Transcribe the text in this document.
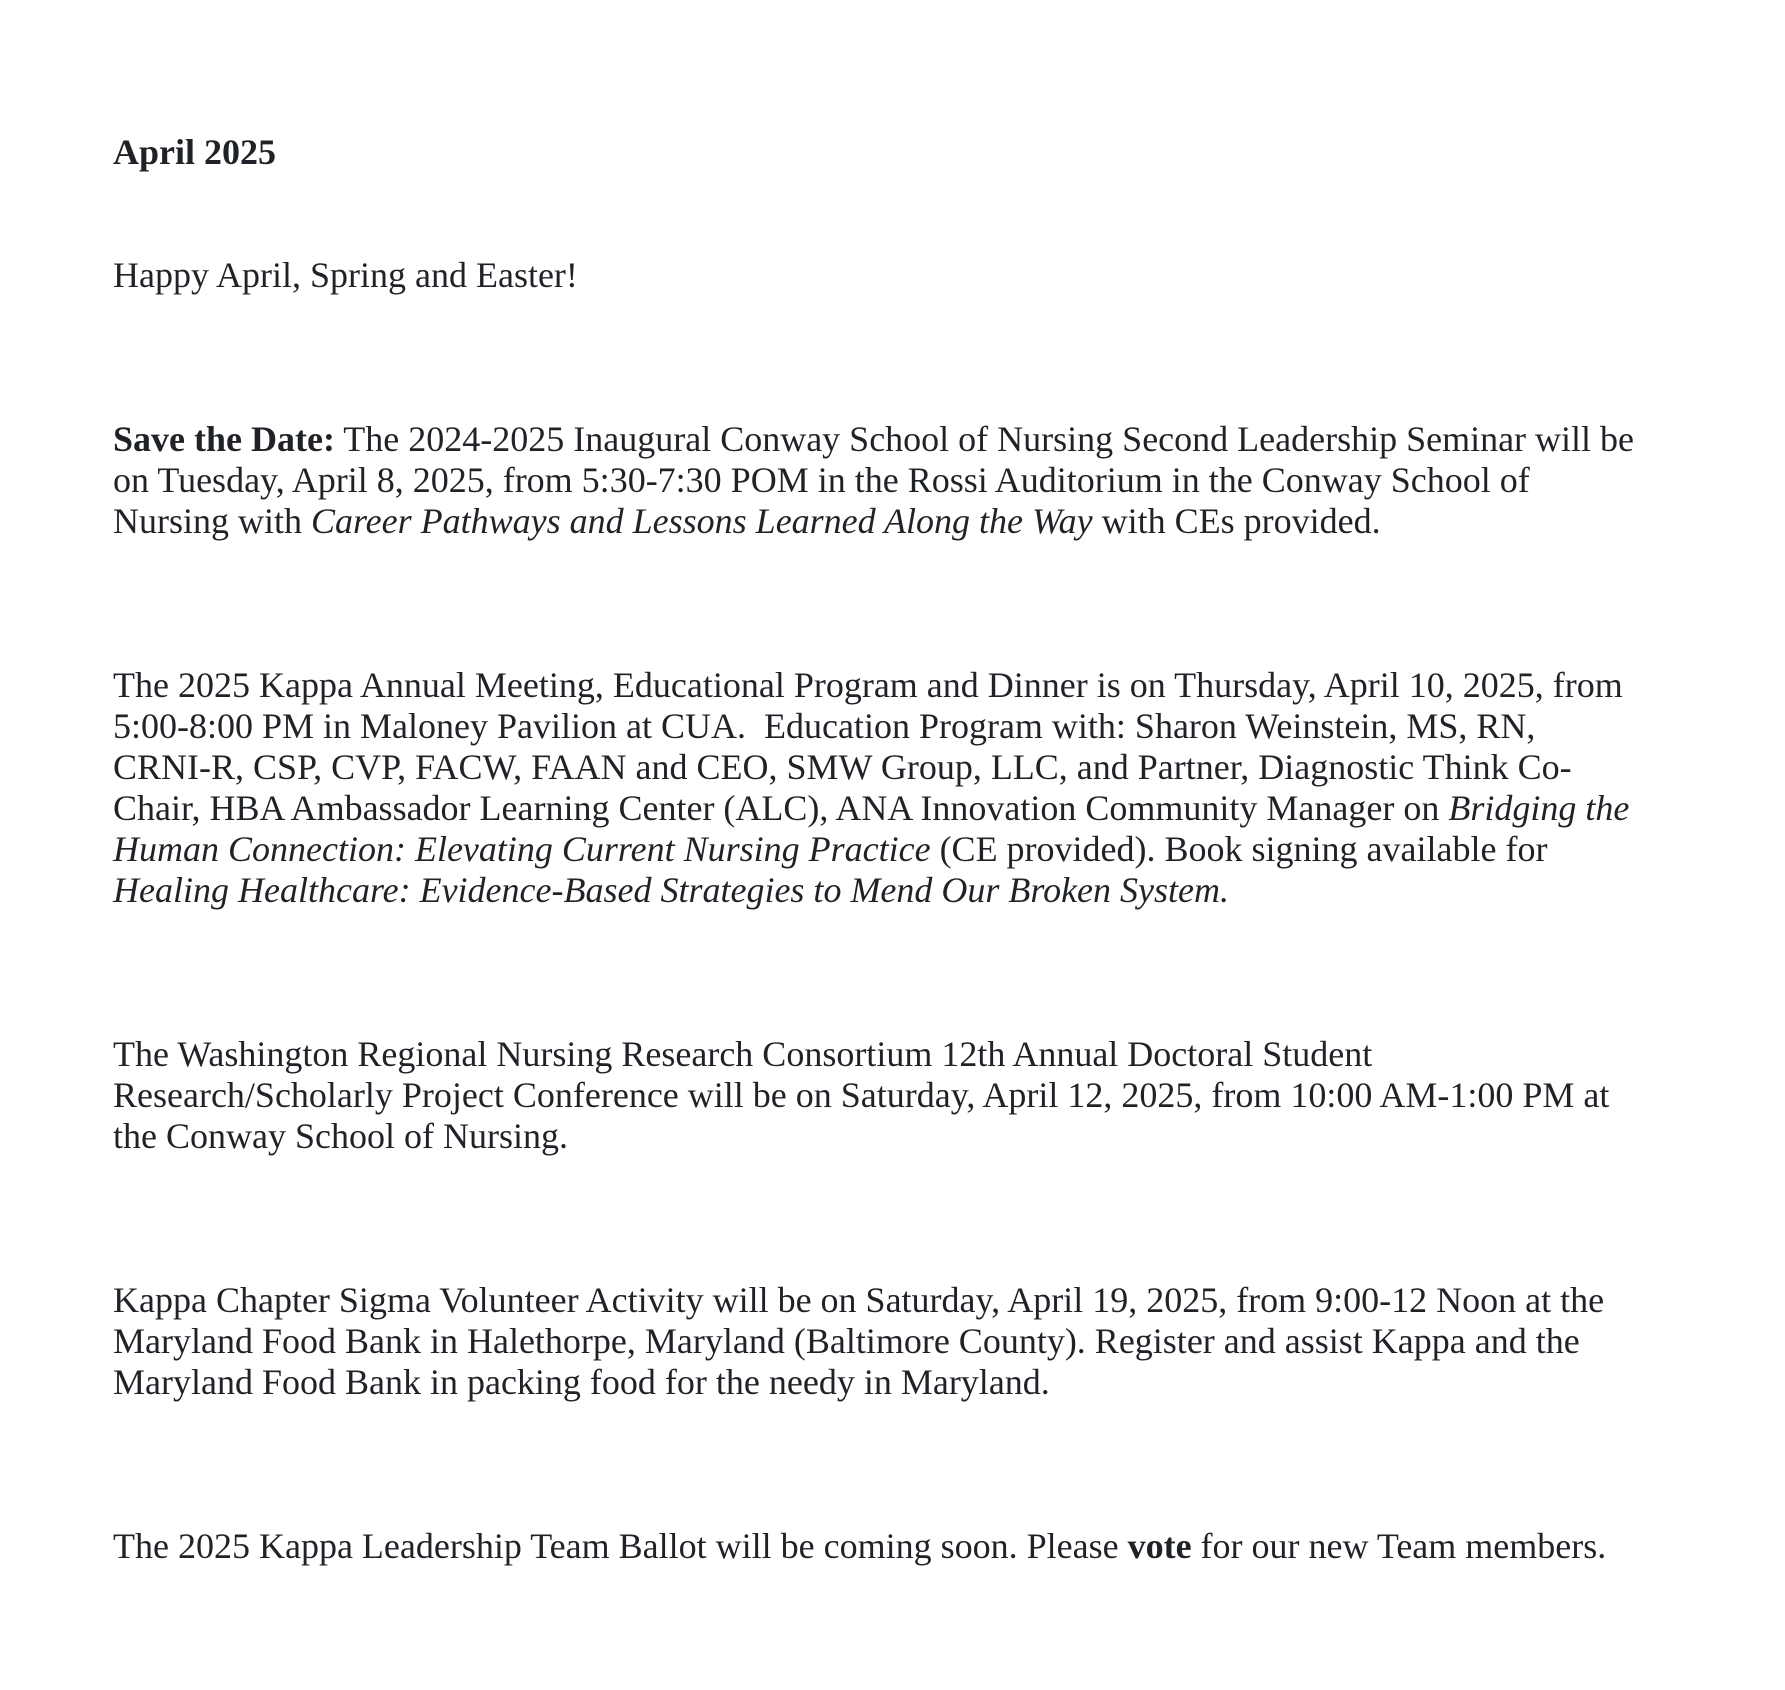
April 2025

Happy April, Spring and Easter!

Save the Date: The 2024-2025 Inaugural Conway School of Nursing Second Leadership Seminar will be on Tuesday, April 8, 2025, from 5:30-7:30 POM in the Rossi Auditorium in the Conway School of Nursing with Career Pathways and Lessons Learned Along the Way with CEs provided.

The 2025 Kappa Annual Meeting, Educational Program and Dinner is on Thursday, April 10, 2025, from 5:00-8:00 PM in Maloney Pavilion at CUA.  Education Program with: Sharon Weinstein, MS, RN, CRNI-R, CSP, CVP, FACW, FAAN and CEO, SMW Group, LLC, and Partner, Diagnostic Think Co-Chair, HBA Ambassador Learning Center (ALC), ANA Innovation Community Manager on Bridging the Human Connection: Elevating Current Nursing Practice (CE provided). Book signing available for Healing Healthcare: Evidence-Based Strategies to Mend Our Broken System.

The Washington Regional Nursing Research Consortium 12th Annual Doctoral Student Research/Scholarly Project Conference will be on Saturday, April 12, 2025, from 10:00 AM-1:00 PM at the Conway School of Nursing.

Kappa Chapter Sigma Volunteer Activity will be on Saturday, April 19, 2025, from 9:00-12 Noon at the Maryland Food Bank in Halethorpe, Maryland (Baltimore County). Register and assist Kappa and the Maryland Food Bank in packing food for the needy in Maryland.

The 2025 Kappa Leadership Team Ballot will be coming soon. Please vote for our new Team members.
